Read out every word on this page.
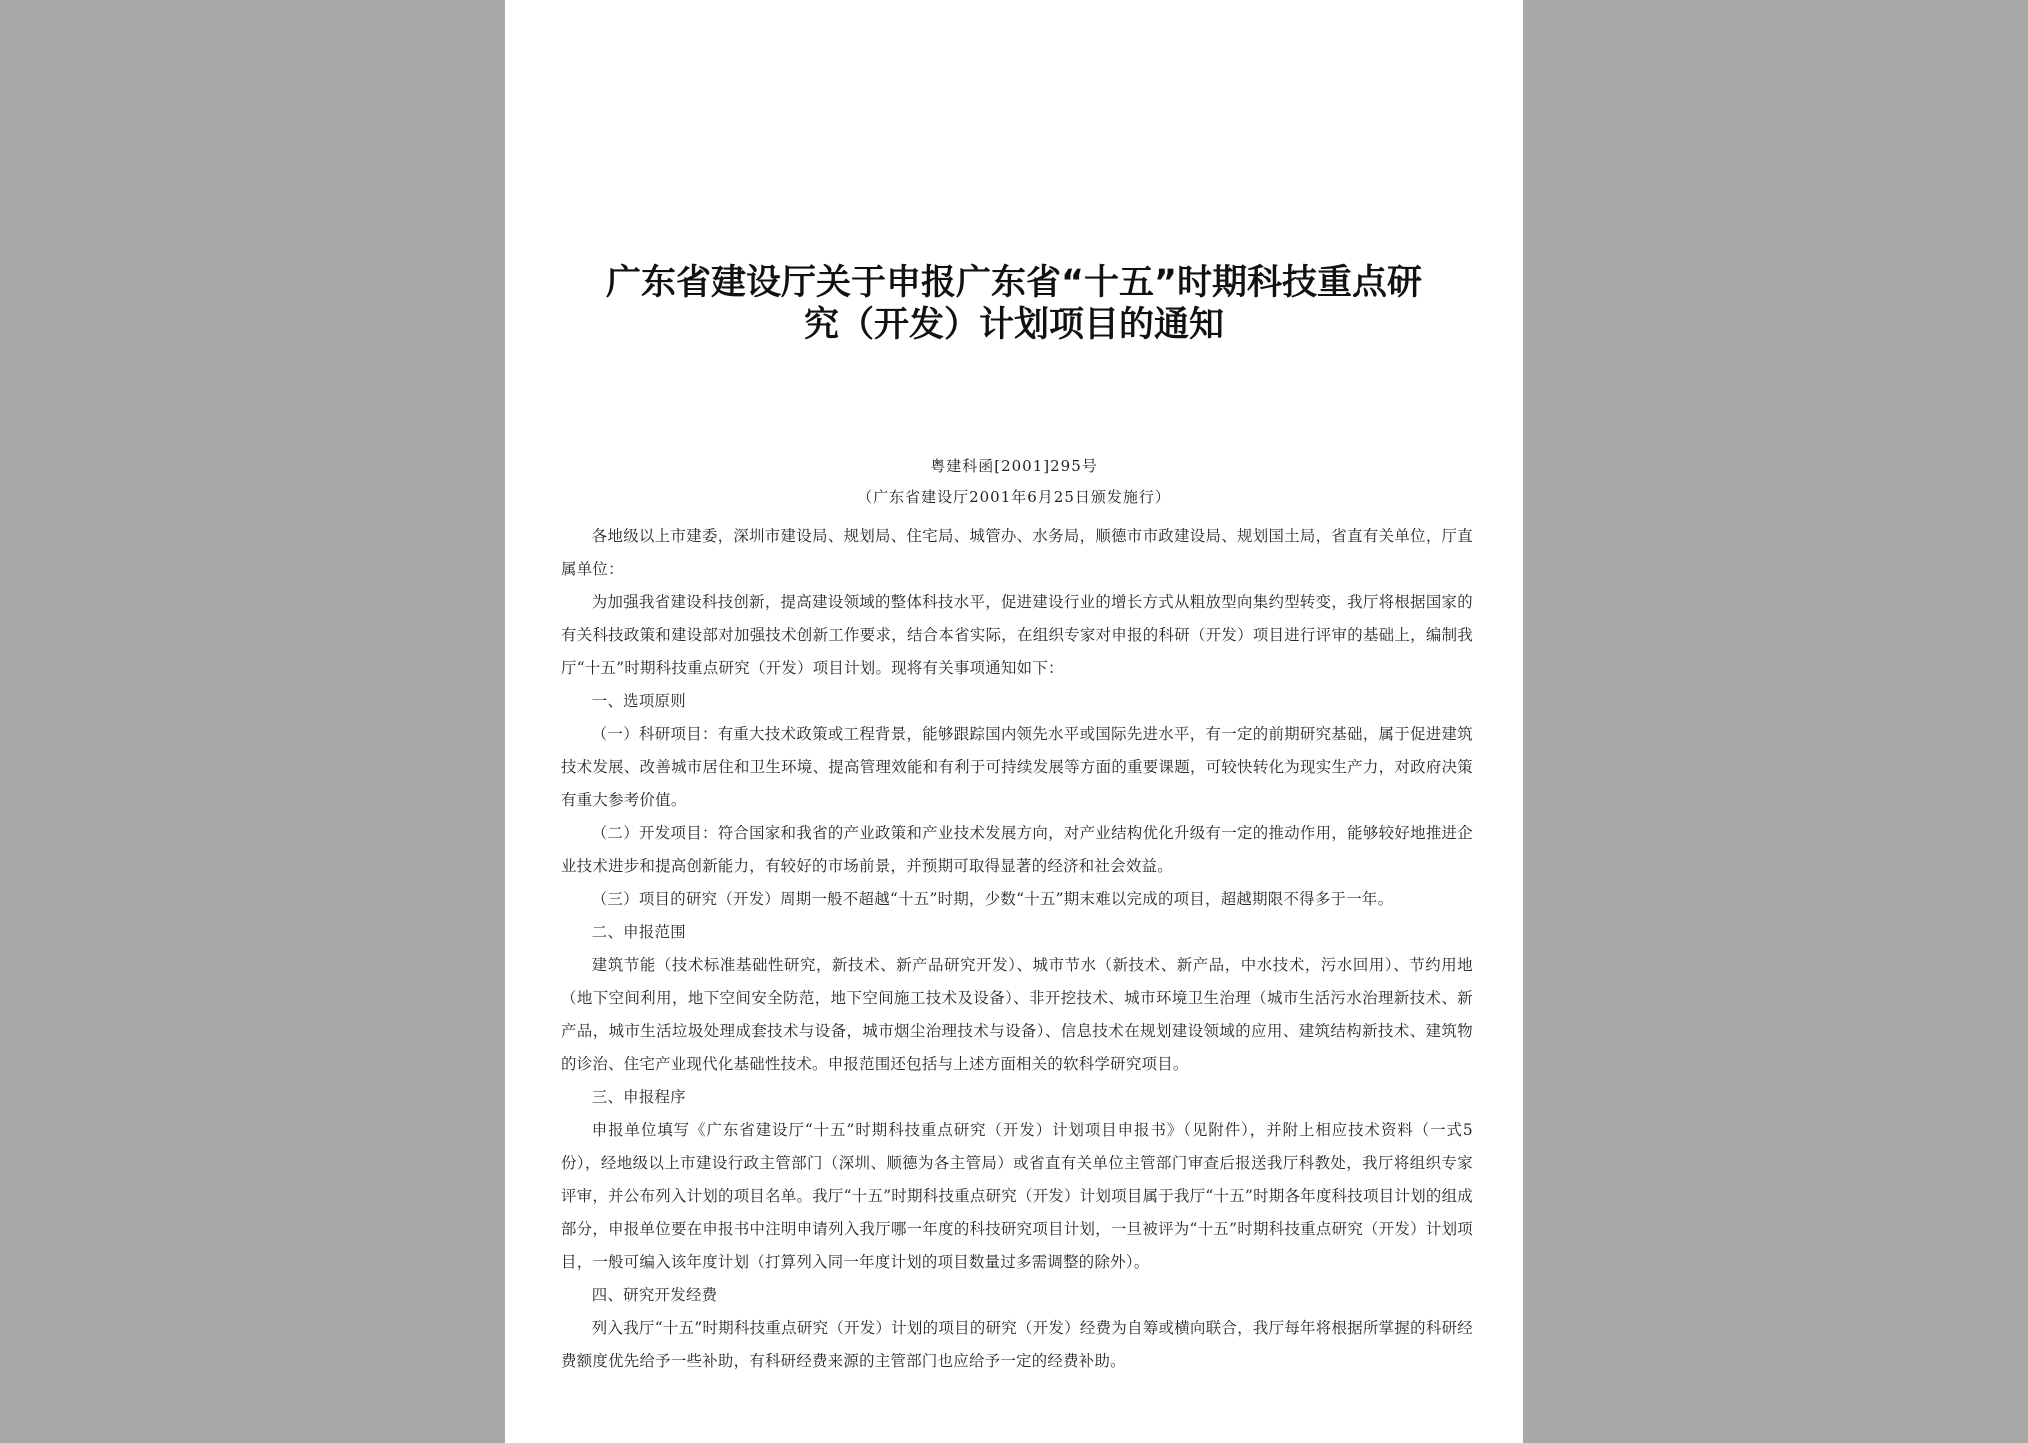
广东省建设厅关于申报广东省“十五”时期科技重点研
究（开发）计划项目的通知
粤建科函[2001]295号
（广东省建设厅2001年6月25日颁发施行）

各地级以上市建委，深圳市建设局、规划局、住宅局、城管办、水务局，顺德市市政建设局、规划国土局，省直有关单位，厅直属单位：

为加强我省建设科技创新，提高建设领域的整体科技水平，促进建设行业的增长方式从粗放型向集约型转变，我厅将根据国家的有关科技政策和建设部对加强技术创新工作要求，结合本省实际，在组织专家对申报的科研（开发）项目进行评审的基础上，编制我厅“十五”时期科技重点研究（开发）项目计划。现将有关事项通知如下：

一、选项原则

（一）科研项目：有重大技术政策或工程背景，能够跟踪国内领先水平或国际先进水平，有一定的前期研究基础，属于促进建筑技术发展、改善城市居住和卫生环境、提高管理效能和有利于可持续发展等方面的重要课题，可较快转化为现实生产力，对政府决策有重大参考价值。

（二）开发项目：符合国家和我省的产业政策和产业技术发展方向，对产业结构优化升级有一定的推动作用，能够较好地推进企业技术进步和提高创新能力，有较好的市场前景，并预期可取得显著的经济和社会效益。

（三）项目的研究（开发）周期一般不超越“十五”时期，少数“十五”期末难以完成的项目，超越期限不得多于一年。

二、申报范围

建筑节能（技术标准基础性研究，新技术、新产品研究开发）、城市节水（新技术、新产品，中水技术，污水回用）、节约用地（地下空间利用，地下空间安全防范，地下空间施工技术及设备）、非开挖技术、城市环境卫生治理（城市生活污水治理新技术、新产品，城市生活垃圾处理成套技术与设备，城市烟尘治理技术与设备）、信息技术在规划建设领域的应用、建筑结构新技术、建筑物的诊治、住宅产业现代化基础性技术。申报范围还包括与上述方面相关的软科学研究项目。

三、申报程序

申报单位填写《广东省建设厅“十五”时期科技重点研究（开发）计划项目申报书》（见附件），并附上相应技术资料（一式5份），经地级以上市建设行政主管部门（深圳、顺德为各主管局）或省直有关单位主管部门审查后报送我厅科教处，我厅将组织专家评审，并公布列入计划的项目名单。我厅“十五”时期科技重点研究（开发）计划项目属于我厅“十五”时期各年度科技项目计划的组成部分，申报单位要在申报书中注明申请列入我厅哪一年度的科技研究项目计划，一旦被评为“十五”时期科技重点研究（开发）计划项目，一般可编入该年度计划（打算列入同一年度计划的项目数量过多需调整的除外）。

四、研究开发经费

列入我厅“十五”时期科技重点研究（开发）计划的项目的研究（开发）经费为自筹或横向联合，我厅每年将根据所掌握的科研经费额度优先给予一些补助，有科研经费来源的主管部门也应给予一定的经费补助。
